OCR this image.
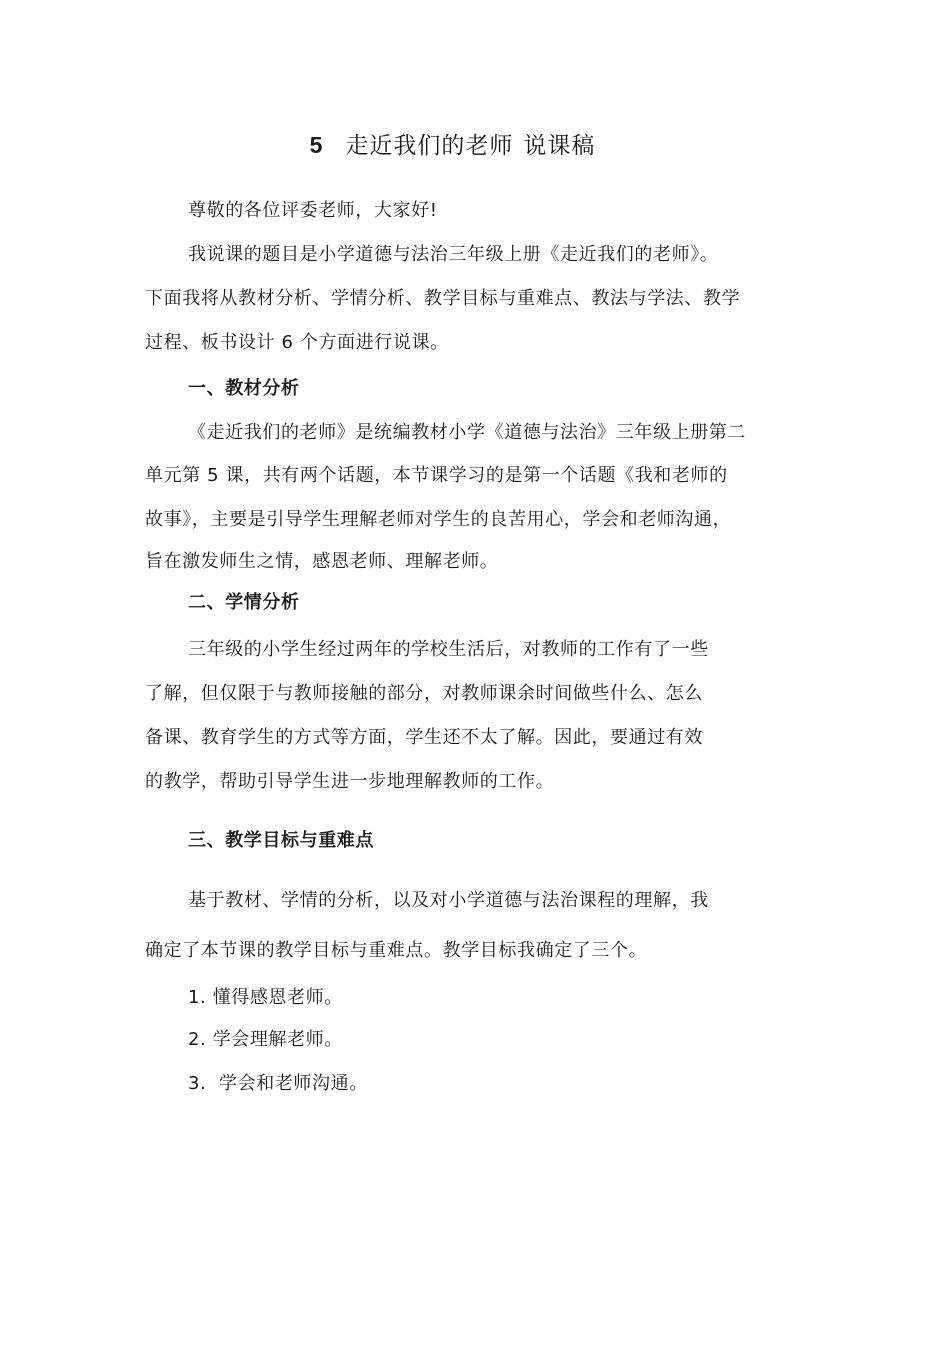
5 走近我们的老师 说课稿
尊敬的各位评委老师，大家好!
我说课的题目是小学道德与法治三年级上册《走近我们的老师》。
下面我将从教材分析、学情分析、教学目标与重难点、教法与学法、教学
过程、板书设计 6 个方面进行说课。
一、教材分析
《走近我们的老师》是统编教材小学《道德与法治》三年级上册第二
单元第 5 课，共有两个话题，本节课学习的是第一个话题《我和老师的
故事》，主要是引导学生理解老师对学生的良苦用心，学会和老师沟通，
旨在激发师生之情，感恩老师、理解老师。
二、学情分析
三年级的小学生经过两年的学校生活后，对教师的工作有了一些
了解，但仅限于与教师接触的部分，对教师课余时间做些什么、怎么
备课、教育学生的方式等方面，学生还不太了解。因此，要通过有效
的教学，帮助引导学生进一步地理解教师的工作。
三、教学目标与重难点
基于教材、学情的分析，以及对小学道德与法治课程的理解，我
确定了本节课的教学目标与重难点。教学目标我确定了三个。
1. 懂得感恩老师。
2. 学会理解老师。
3.  学会和老师沟通。
